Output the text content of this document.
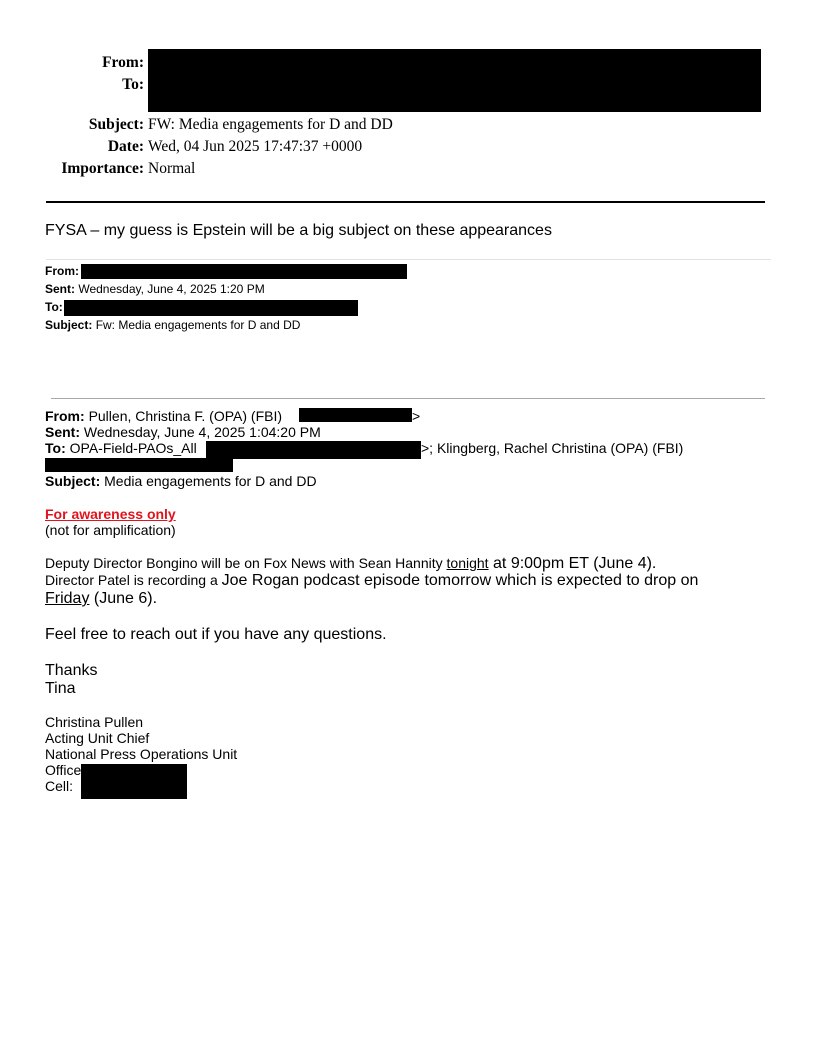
From:
To:
Subject: FW: Media engagements for D and DD
Date: Wed, 04 Jun 2025 17:47:37 +0000
Importance: Normal
FYSA – my guess is Epstein will be a big subject on these appearances
From:
Sent: Wednesday, June 4, 2025 1:20 PM
To:
Subject: Fw: Media engagements for D and DD
From: Pullen, Christina F. (OPA) (FBI)	>
Sent: Wednesday, June 4, 2025 1:04:20 PM
To: OPA-Field-PAOs_All	>; Klingberg, Rachel Christina (OPA) (FBI)
Subject: Media engagements for D and DD
For awareness only
(not for amplification)
Deputy Director Bongino will be on Fox News with Sean Hannity tonight at 9:00pm ET (June 4).
Director Patel is recording a Joe Rogan podcast episode tomorrow which is expected to drop on
Friday (June 6).
Feel free to reach out if you have any questions.
Thanks
Tina
Christina Pullen
Acting Unit Chief
National Press Operations Unit
Office
Cell:
